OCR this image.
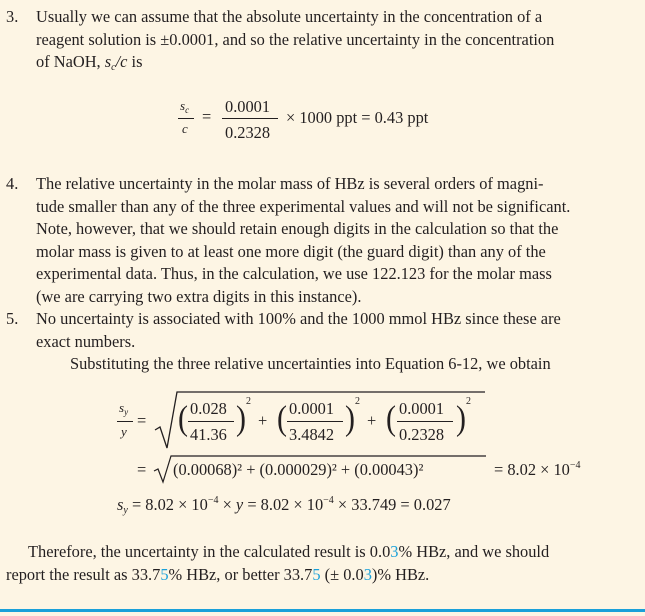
3. Usually we can assume that the absolute uncertainty in the concentration of a
reagent solution is ±0.0001, and so the relative uncertainty in the concentration
of NaOH, $s_c/c$ is
$s_c$
c
=
0.0001
0.2328
× 1000 ppt = 0.43 ppt
4. The relative uncertainty in the molar mass of HBz is several orders of magni-
tude smaller than any of the three experimental values and will not be significant.
Note, however, that we should retain enough digits in the calculation so that the
molar mass is given to at least one more digit (the guard digit) than any of the
experimental data. Thus, in the calculation, we use 122.123 for the molar mass
(we are carrying two extra digits in this instance).
5. No uncertainty is associated with 100% and the 1000 mmol HBz since these are
exact numbers.
Substituting the three relative uncertainties into Equation 6-12, we obtain
$s_y$
y
= ( 0.028
41.36 ) 2
+ ( 0.0001
3.4842 ) 2
+ ( 0.0001
0.2328 ) 2
= (0.00068)² + (0.000029)² + (0.00043)²	= $8.02 \times 10^{-4}$
$s_y = 8.02 \times 10^{-4} \times y = 8.02 \times 10^{-4} \times 33.749 = 0.027$
Therefore, the uncertainty in the calculated result is 0.03% HBz, and we should
report the result as 33.75% HBz, or better 33.75 (± 0.03)% HBz.
